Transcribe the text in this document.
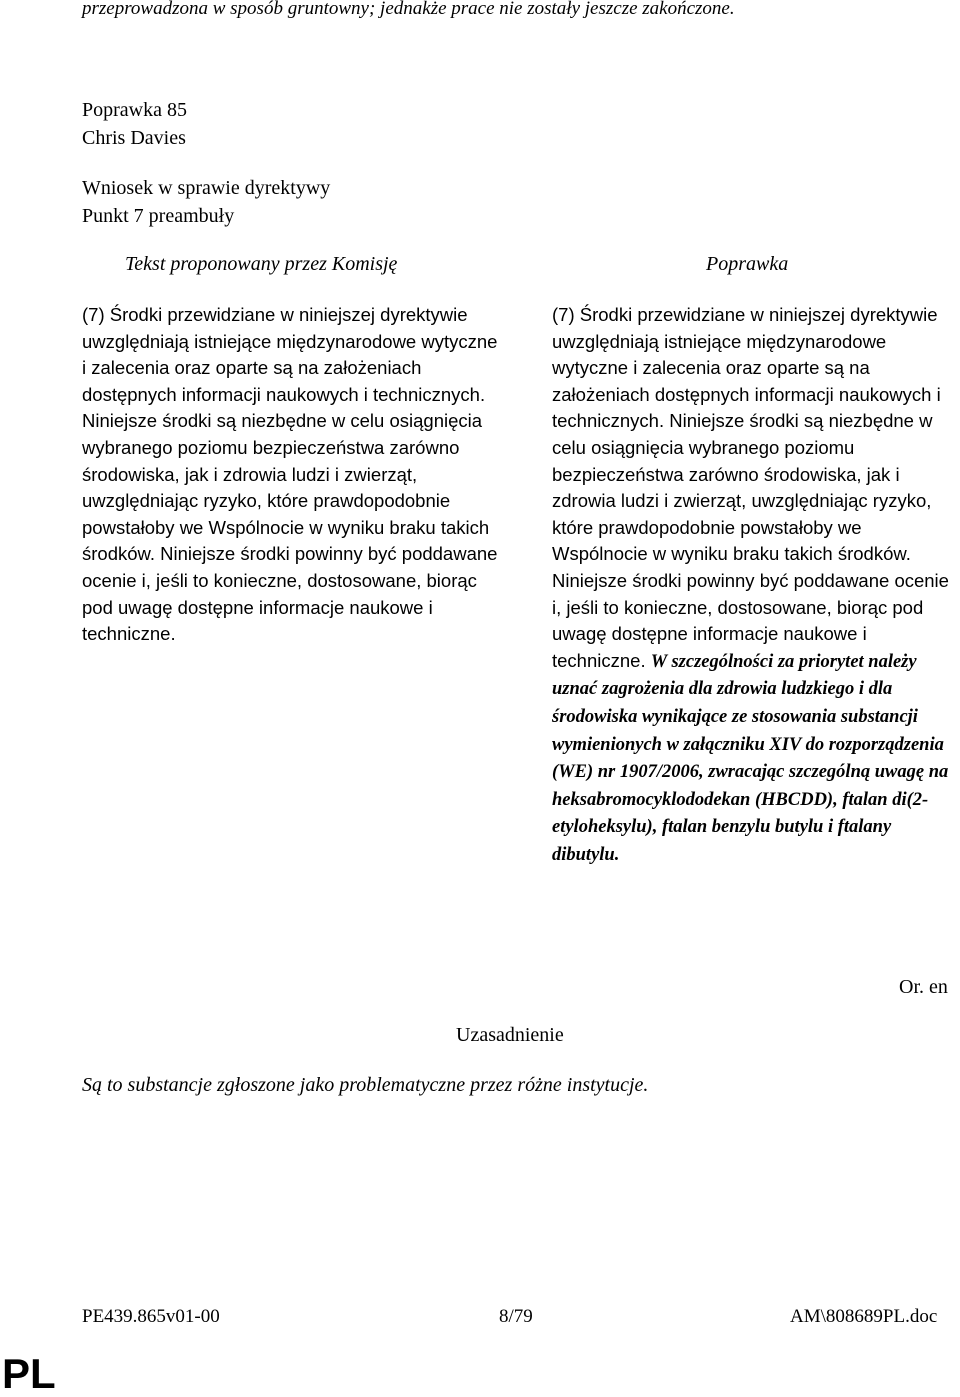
przeprowadzona w sposób gruntowny; jednakże prace nie zostały jeszcze zakończone.
Poprawka 85
Chris Davies
Wniosek w sprawie dyrektywy
Punkt 7 preambuły
Tekst proponowany przez Komisję	Poprawka

(7) Środki przewidziane w niniejszej dyrektywie uwzględniają istniejące międzynarodowe wytyczne i zalecenia oraz oparte są na założeniach dostępnych informacji naukowych i technicznych. Niniejsze środki są niezbędne w celu osiągnięcia wybranego poziomu bezpieczeństwa zarówno środowiska, jak i zdrowia ludzi i zwierząt, uwzględniając ryzyko, które prawdopodobnie powstałoby we Wspólnocie w wyniku braku takich środków. Niniejsze środki powinny być poddawane ocenie i, jeśli to konieczne, dostosowane, biorąc pod uwagę dostępne informacje naukowe i techniczne.

(7) Środki przewidziane w niniejszej dyrektywie uwzględniają istniejące międzynarodowe wytyczne i zalecenia oraz oparte są na założeniach dostępnych informacji naukowych i technicznych. Niniejsze środki są niezbędne w celu osiągnięcia wybranego poziomu bezpieczeństwa zarówno środowiska, jak i zdrowia ludzi i zwierząt, uwzględniając ryzyko, które prawdopodobnie powstałoby we Wspólnocie w wyniku braku takich środków. Niniejsze środki powinny być poddawane ocenie i, jeśli to konieczne, dostosowane, biorąc pod uwagę dostępne informacje naukowe i techniczne. W szczególności za priorytet należy uznać zagrożenia dla zdrowia ludzkiego i dla środowiska wynikające ze stosowania substancji wymienionych w załączniku XIV do rozporządzenia (WE) nr 1907/2006, zwracając szczególną uwagę na heksabromocyklododekan (HBCDD), ftalan di(2-etyloheksylu), ftalan benzylu butylu i ftalany dibutylu.

Or. en
Uzasadnienie
Są to substancje zgłoszone jako problematyczne przez różne instytucje.
PE439.865v01-00	8/79	AM\808689PL.doc
PL
